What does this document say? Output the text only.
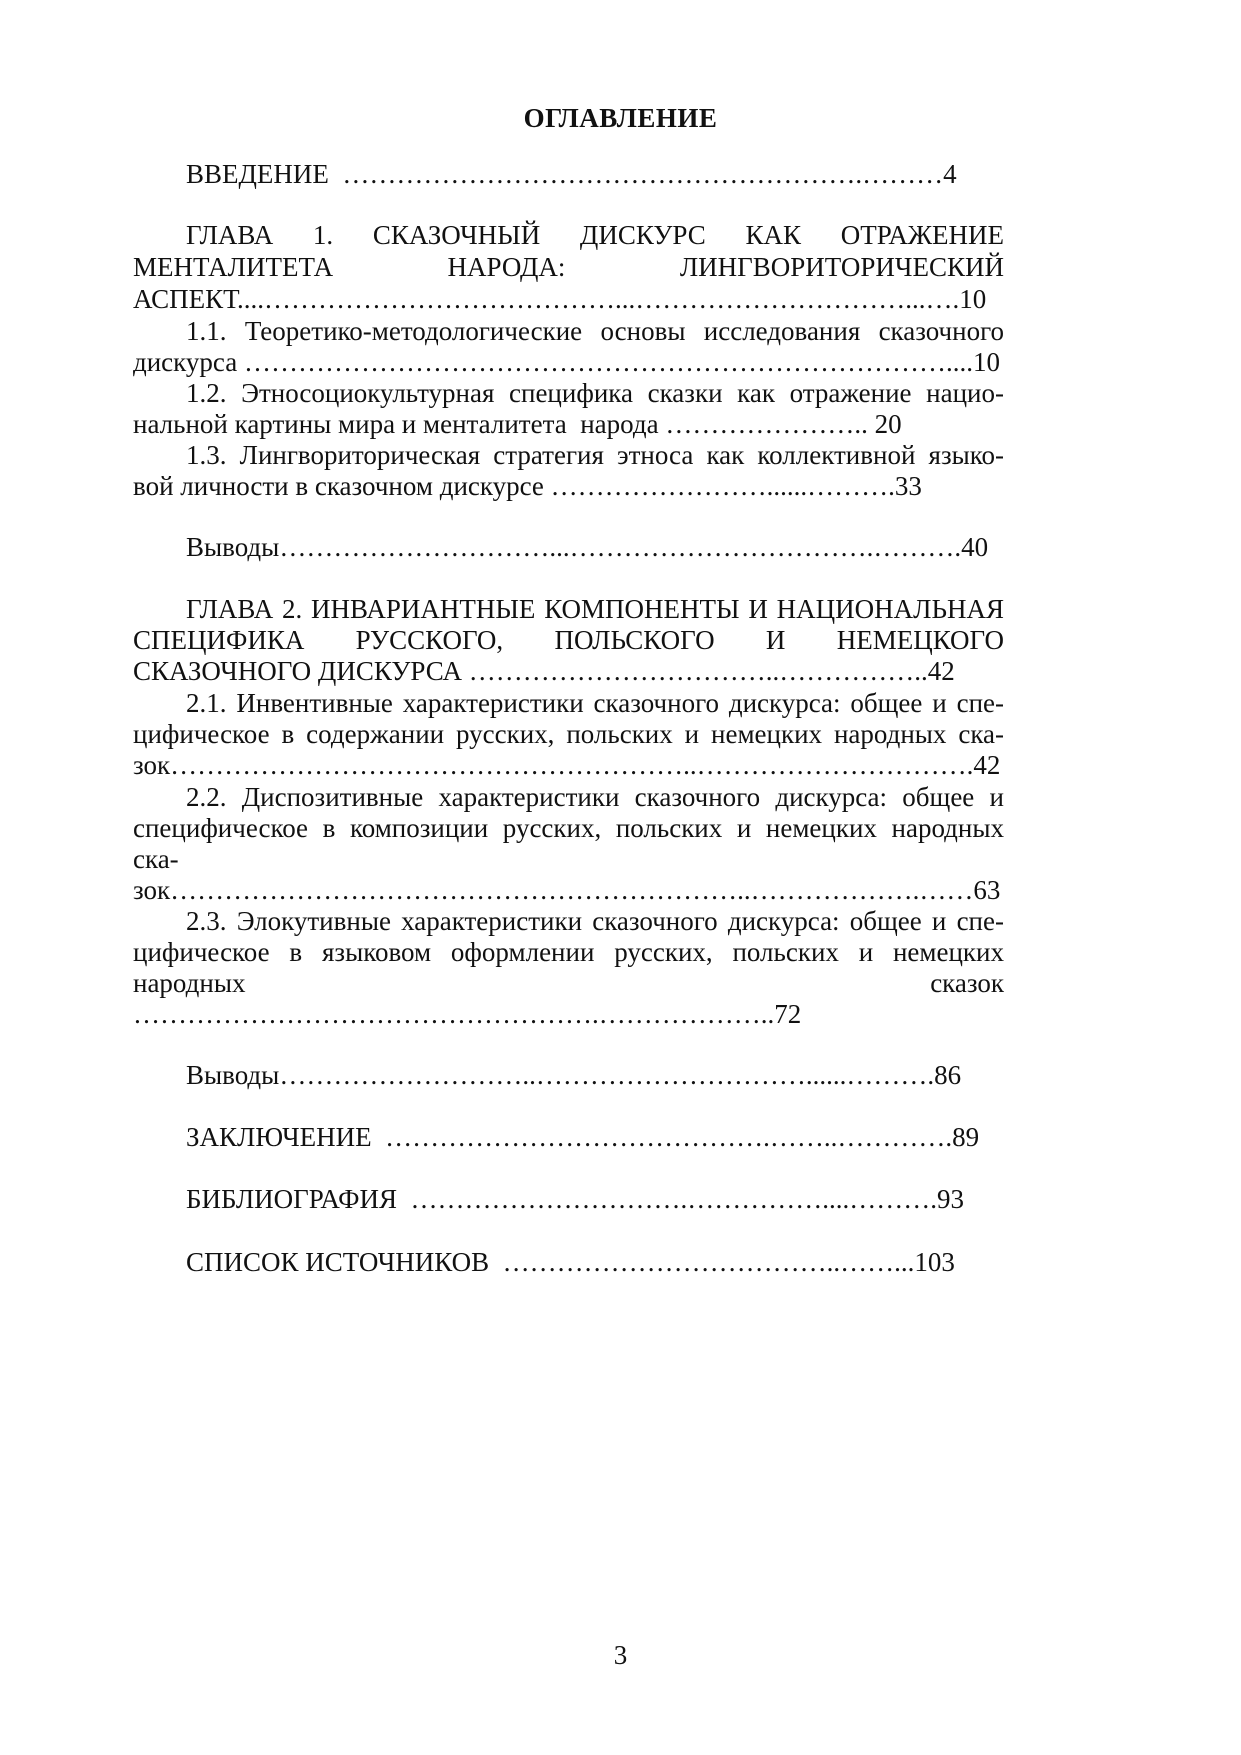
ОГЛАВЛЕНИЕ
ВВЕДЕНИЕ  ………………………………………………….………4
ГЛАВА 1. СКАЗОЧНЫЙ ДИСКУРС КАК ОТРАЖЕНИЕ
МЕНТАЛИТЕТА НАРОДА: ЛИНГВОРИТОРИЧЕСКИЙ
АСПЕКТ....…………………………………...…………………………...….10
1.1. Теоретико-методологические основы исследования сказочного
дискурса ……………………………………………………………………....10
1.2. Этносоциокультурная специфика сказки как отражение нацио-
нальной картины мира и менталитета  народа ………………….. 20
1.3. Лингвориторическая стратегия этноса как коллективной языко-
вой личности в сказочном дискурсе ……………………......……….33
Выводы…………………………...…………………………….……….40
ГЛАВА 2. ИНВАРИАНТНЫЕ КОМПОНЕНТЫ И НАЦИОНАЛЬНАЯ
СПЕЦИФИКА РУССКОГО, ПОЛЬСКОГО И НЕМЕЦКОГО
СКАЗОЧНОГО ДИСКУРСА ……………………………..……………..42
2.1. Инвентивные характеристики сказочного дискурса: общее и спе-
цифическое в содержании русских, польских и немецких народных ска-
зок…………………………………………………..………………………….42
2.2. Диспозитивные характеристики сказочного дискурса: общее и
специфическое в композиции русских, польских и немецких народных
ска-
зок………………………………………………………..……………….……63
2.3. Элокутивные характеристики сказочного дискурса: общее и спе-
цифическое в языковом оформлении русских, польских и немецких
народных	сказок
…………………………………………….………………..72
Выводы………………………..…………………………......……….86
ЗАКЛЮЧЕНИЕ  …………………………………….……..………….89
БИБЛИОГРАФИЯ  ………………………….……………....……….93
СПИСОК ИСТОЧНИКОВ  ………………………………..……...103
3
